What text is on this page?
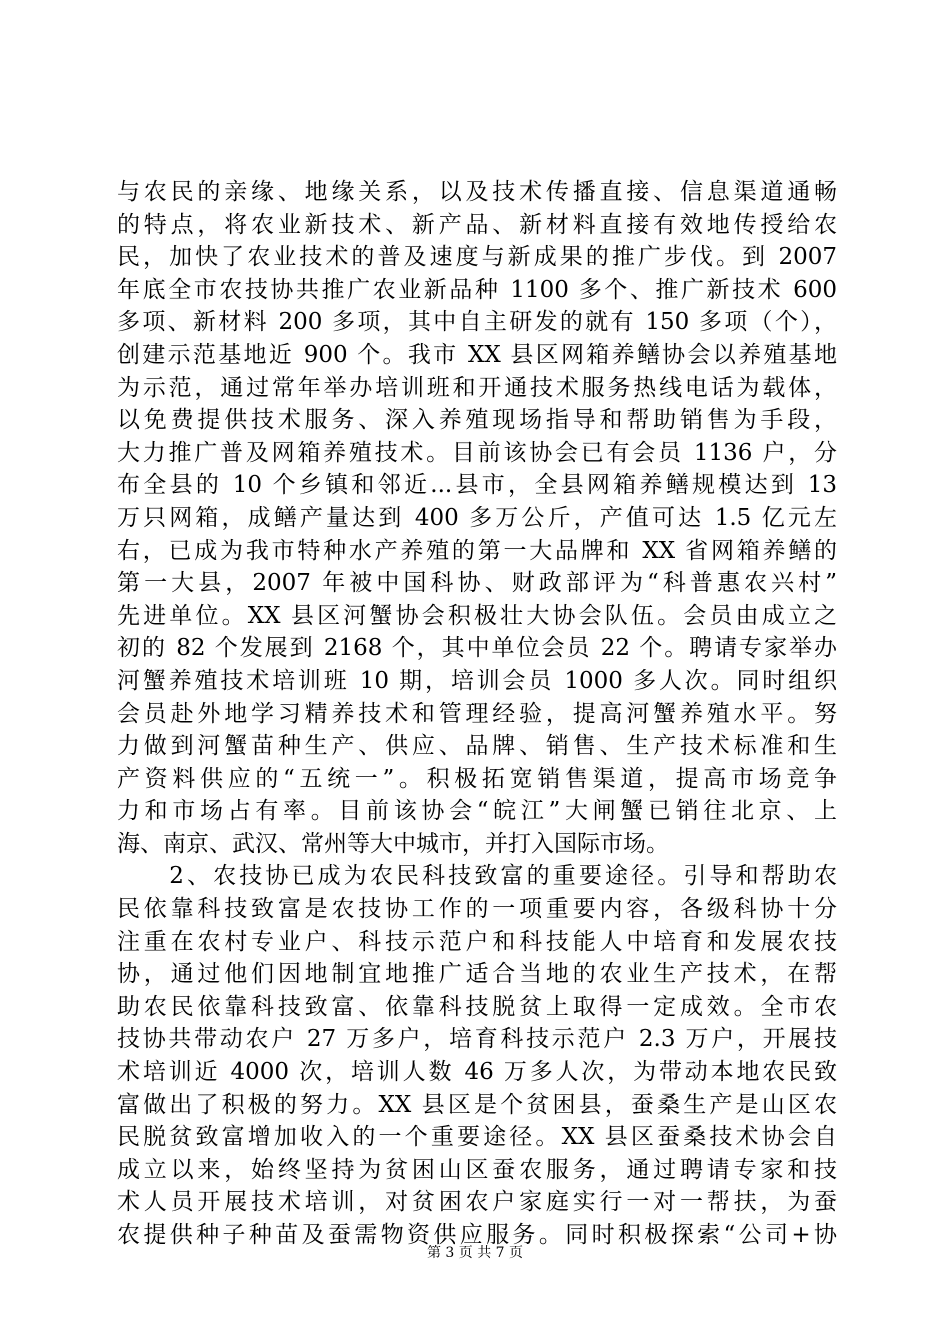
与农民的亲缘、地缘关系，以及技术传播直接、信息渠道通畅
的特点，将农业新技术、新产品、新材料直接有效地传授给农
民，加快了农业技术的普及速度与新成果的推广步伐。到 2007
年底全市农技协共推广农业新品种 1100 多个、推广新技术 600
多项、新材料 200 多项，其中自主研发的就有 150 多项（个），
创建示范基地近 900 个。我市 XX 县区网箱养鳝协会以养殖基地
为示范，通过常年举办培训班和开通技术服务热线电话为载体，
以免费提供技术服务、深入养殖现场指导和帮助销售为手段，
大力推广普及网箱养殖技术。目前该协会已有会员 1136 户，分
布全县的 10 个乡镇和邻近...县市，全县网箱养鳝规模达到 13
万只网箱，成鳝产量达到 400 多万公斤，产值可达 1.5 亿元左
右，已成为我市特种水产养殖的第一大品牌和 XX 省网箱养鳝的
第一大县，2007 年被中国科协、财政部评为“科普惠农兴村”
先进单位。XX 县区河蟹协会积极壮大协会队伍。会员由成立之
初的 82 个发展到 2168 个，其中单位会员 22 个。聘请专家举办
河蟹养殖技术培训班 10 期，培训会员 1000 多人次。同时组织
会员赴外地学习精养技术和管理经验，提高河蟹养殖水平。努
力做到河蟹苗种生产、供应、品牌、销售、生产技术标准和生
产资料供应的“五统一”。积极拓宽销售渠道，提高市场竞争
力和市场占有率。目前该协会“皖江”大闸蟹已销往北京、上
海、南京、武汉、常州等大中城市，并打入国际市场。
　　2、农技协已成为农民科技致富的重要途径。引导和帮助农
民依靠科技致富是农技协工作的一项重要内容，各级科协十分
注重在农村专业户、科技示范户和科技能人中培育和发展农技
协，通过他们因地制宜地推广适合当地的农业生产技术，在帮
助农民依靠科技致富、依靠科技脱贫上取得一定成效。全市农
技协共带动农户 27 万多户，培育科技示范户 2.3 万户，开展技
术培训近 4000 次，培训人数 46 万多人次，为带动本地农民致
富做出了积极的努力。XX 县区是个贫困县，蚕桑生产是山区农
民脱贫致富增加收入的一个重要途径。XX 县区蚕桑技术协会自
成立以来，始终坚持为贫困山区蚕农服务，通过聘请专家和技
术人员开展技术培训，对贫困农户家庭实行一对一帮扶，为蚕
农提供种子种苗及蚕需物资供应服务。同时积极探索“公司+协
第 3 页 共 7 页
